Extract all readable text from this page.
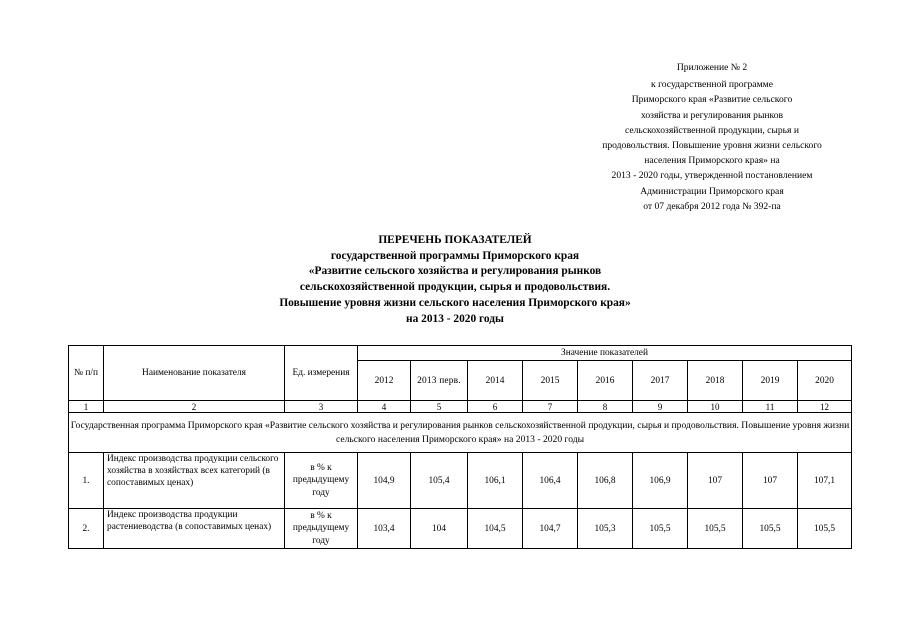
Приложение № 2
к государственной программе
Приморского края «Развитие сельского
хозяйства и регулирования рынков
сельскохозяйственной продукции, сырья и
продовольствия. Повышение уровня жизни сельского
населения Приморского края» на
2013 - 2020 годы, утвержденной постановлением
Администрации Приморского края
от 07 декабря 2012 года № 392-па
ПЕРЕЧЕНЬ ПОКАЗАТЕЛЕЙ
государственной программы Приморского края
«Развитие сельского хозяйства и регулирования рынков
сельскохозяйственной продукции, сырья и продовольствия.
Повышение уровня жизни сельского населения Приморского края»
на 2013 - 2020 годы
№ п/п	Наименование показателя	Ед. измерения	Значение показателей								
			2012	2013 перв.	2014	2015	2016	2017	2018	2019	2020
1	2	3	4	5	6	7	8	9	10	11	12
Государственная программа Приморского края «Развитие сельского хозяйства и регулирования рынков сельскохозяйственной продукции, сырья и продовольствия. Повышение уровня жизни сельского населения Приморского края» на 2013 - 2020 годы											
1.	Индекс производства продукции сельского хозяйства в хозяйствах всех категорий (в сопоставимых ценах)	в % к предыдущему году	104,9	105,4	106,1	106,4	106,8	106,9	107	107	107,1
2.	Индекс производства продукции растениеводства (в сопоставимых ценах)	в % к предыдущему году	103,4	104	104,5	104,7	105,3	105,5	105,5	105,5	105,5
